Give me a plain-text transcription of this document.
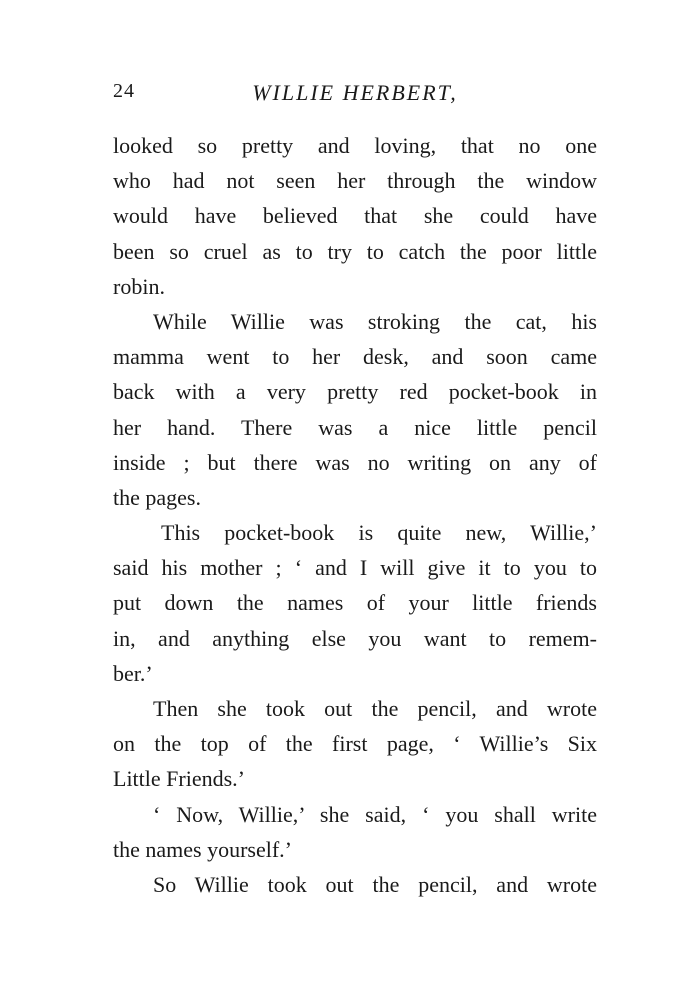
24	WILLIE HERBERT,
looked so pretty and loving, that no one
who had not seen her through the window
would have believed that she could have
been so cruel as to try to catch the poor little
robin.
While Willie was stroking the cat, his
mamma went to her desk, and soon came
back with a very pretty red pocket-book in
her hand. There was a nice little pencil
inside ; but there was no writing on any of
the pages.
This pocket-book is quite new, Willie,’
said his mother ; ‘ and I will give it to you to
put down the names of your little friends
in, and anything else you want to remem-
ber.’
Then she took out the pencil, and wrote
on the top of the first page, ‘ Willie’s Six
Little Friends.’
‘ Now, Willie,’ she said, ‘ you shall write
the names yourself.’
So Willie took out the pencil, and wrote
